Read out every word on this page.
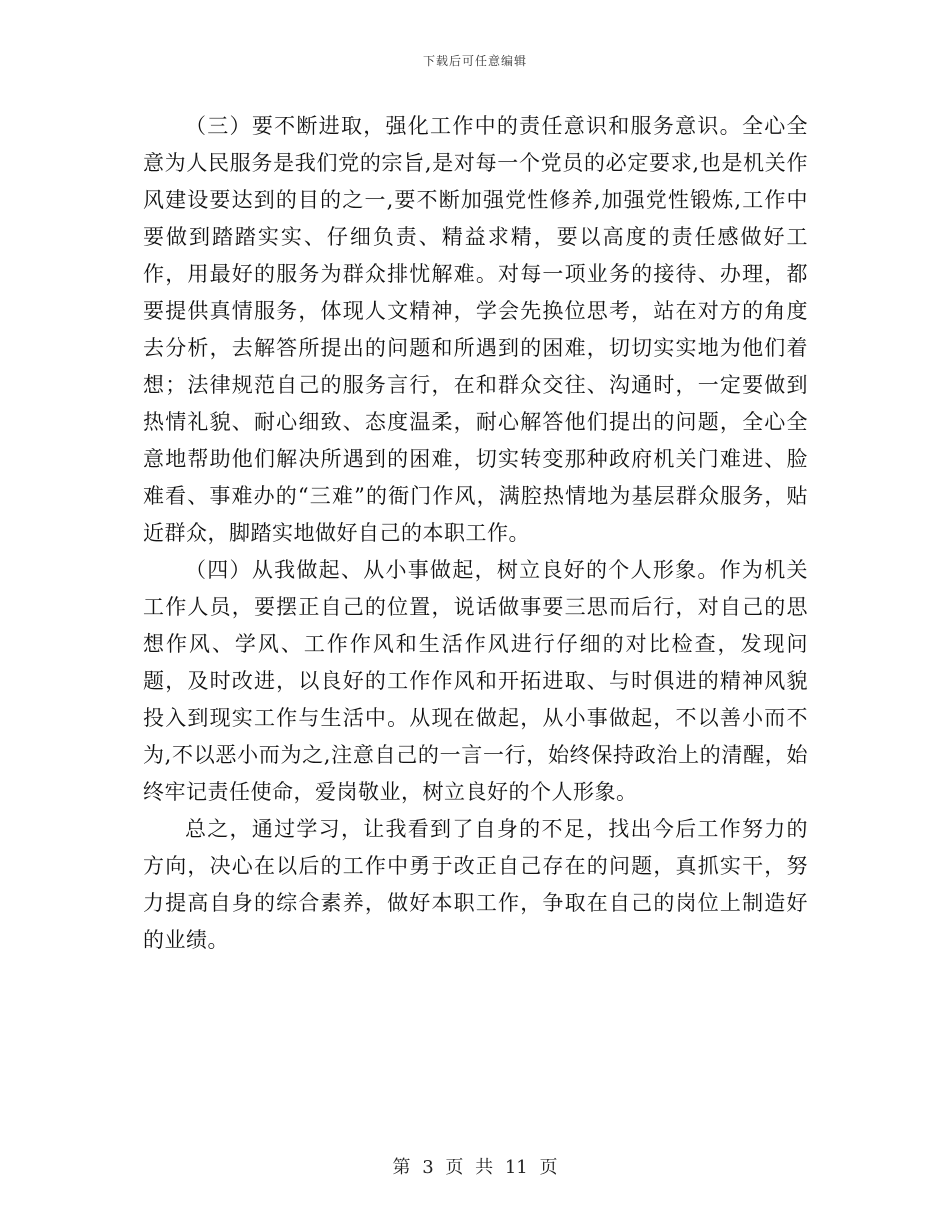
下载后可任意编辑

（三）要不断进取，强化工作中的责任意识和服务意识。全心全意为人民服务是我们党的宗旨,是对每一个党员的必定要求,也是机关作风建设要达到的目的之一,要不断加强党性修养,加强党性锻炼,工作中要做到踏踏实实、仔细负责、精益求精，要以高度的责任感做好工作，用最好的服务为群众排忧解难。对每一项业务的接待、办理，都要提供真情服务，体现人文精神，学会先换位思考，站在对方的角度去分析，去解答所提出的问题和所遇到的困难，切切实实地为他们着想；法律规范自己的服务言行，在和群众交往、沟通时，一定要做到热情礼貌、耐心细致、态度温柔，耐心解答他们提出的问题，全心全意地帮助他们解决所遇到的困难，切实转变那种政府机关门难进、脸难看、事难办的“三难”的衙门作风，满腔热情地为基层群众服务，贴近群众，脚踏实地做好自己的本职工作。

（四）从我做起、从小事做起，树立良好的个人形象。作为机关工作人员，要摆正自己的位置，说话做事要三思而后行，对自己的思想作风、学风、工作作风和生活作风进行仔细的对比检查，发现问题，及时改进，以良好的工作作风和开拓进取、与时俱进的精神风貌投入到现实工作与生活中。从现在做起，从小事做起，不以善小而不为,不以恶小而为之,注意自己的一言一行，始终保持政治上的清醒，始终牢记责任使命，爱岗敬业，树立良好的个人形象。

总之，通过学习，让我看到了自身的不足，找出今后工作努力的方向，决心在以后的工作中勇于改正自己存在的问题，真抓实干，努力提高自身的综合素养，做好本职工作，争取在自己的岗位上制造好的业绩。

第 3 页 共 11 页
